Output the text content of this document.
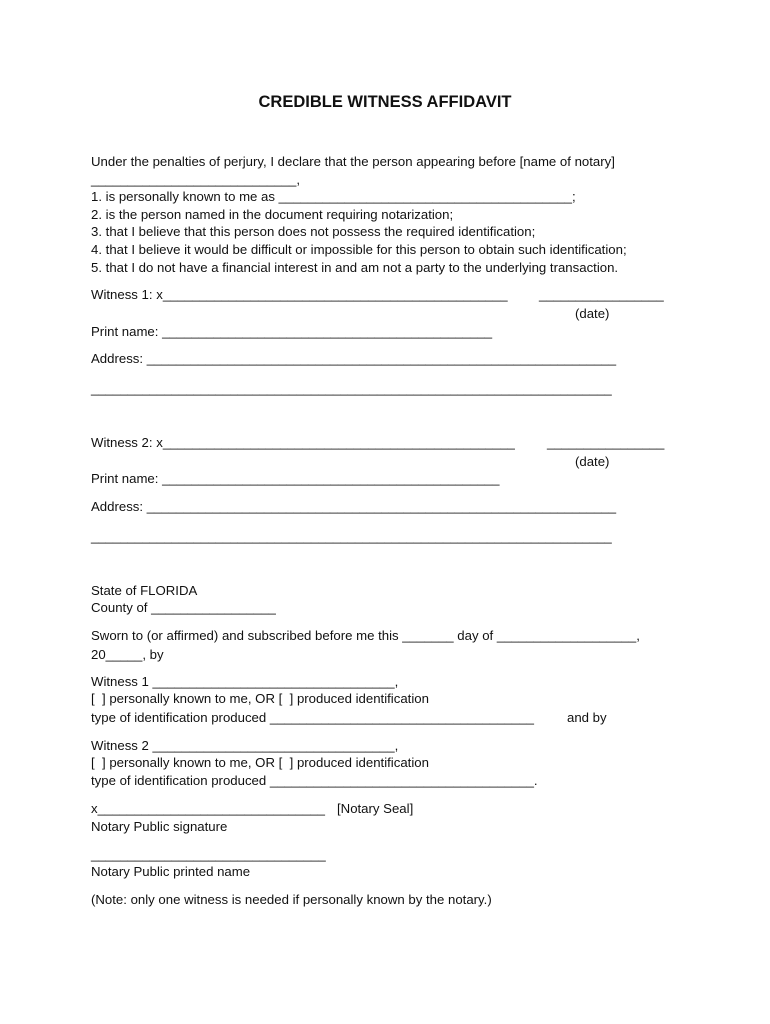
CREDIBLE WITNESS AFFIDAVIT
Under the penalties of perjury, I declare that the person appearing before [name of notary]
____________________________,
1. is personally known to me as ________________________________________;
2. is the person named in the document requiring notarization;
3. that I believe that this person does not possess the required identification;
4. that I believe it would be difficult or impossible for this person to obtain such identification;
5. that I do not have a financial interest in and am not a party to the underlying transaction.
Witness 1: x_______________________________________________ _________________
(date)
Print name: _____________________________________________
Address: ________________________________________________________________
_______________________________________________________________________
Witness 2: x________________________________________________ ________________
(date)
Print name: ______________________________________________
Address: ________________________________________________________________
_______________________________________________________________________
State of FLORIDA
County of _________________
Sworn to (or affirmed) and subscribed before me this _______ day of ___________________,
20_____, by
Witness 1 _________________________________,
[  ] personally known to me, OR [  ] produced identification
type of identification produced ____________________________________	and by
Witness 2 _________________________________,
[  ] personally known to me, OR [  ] produced identification
type of identification produced ____________________________________.
x_______________________________ [Notary Seal]
Notary Public signature
________________________________
Notary Public printed name
(Note: only one witness is needed if personally known by the notary.)
